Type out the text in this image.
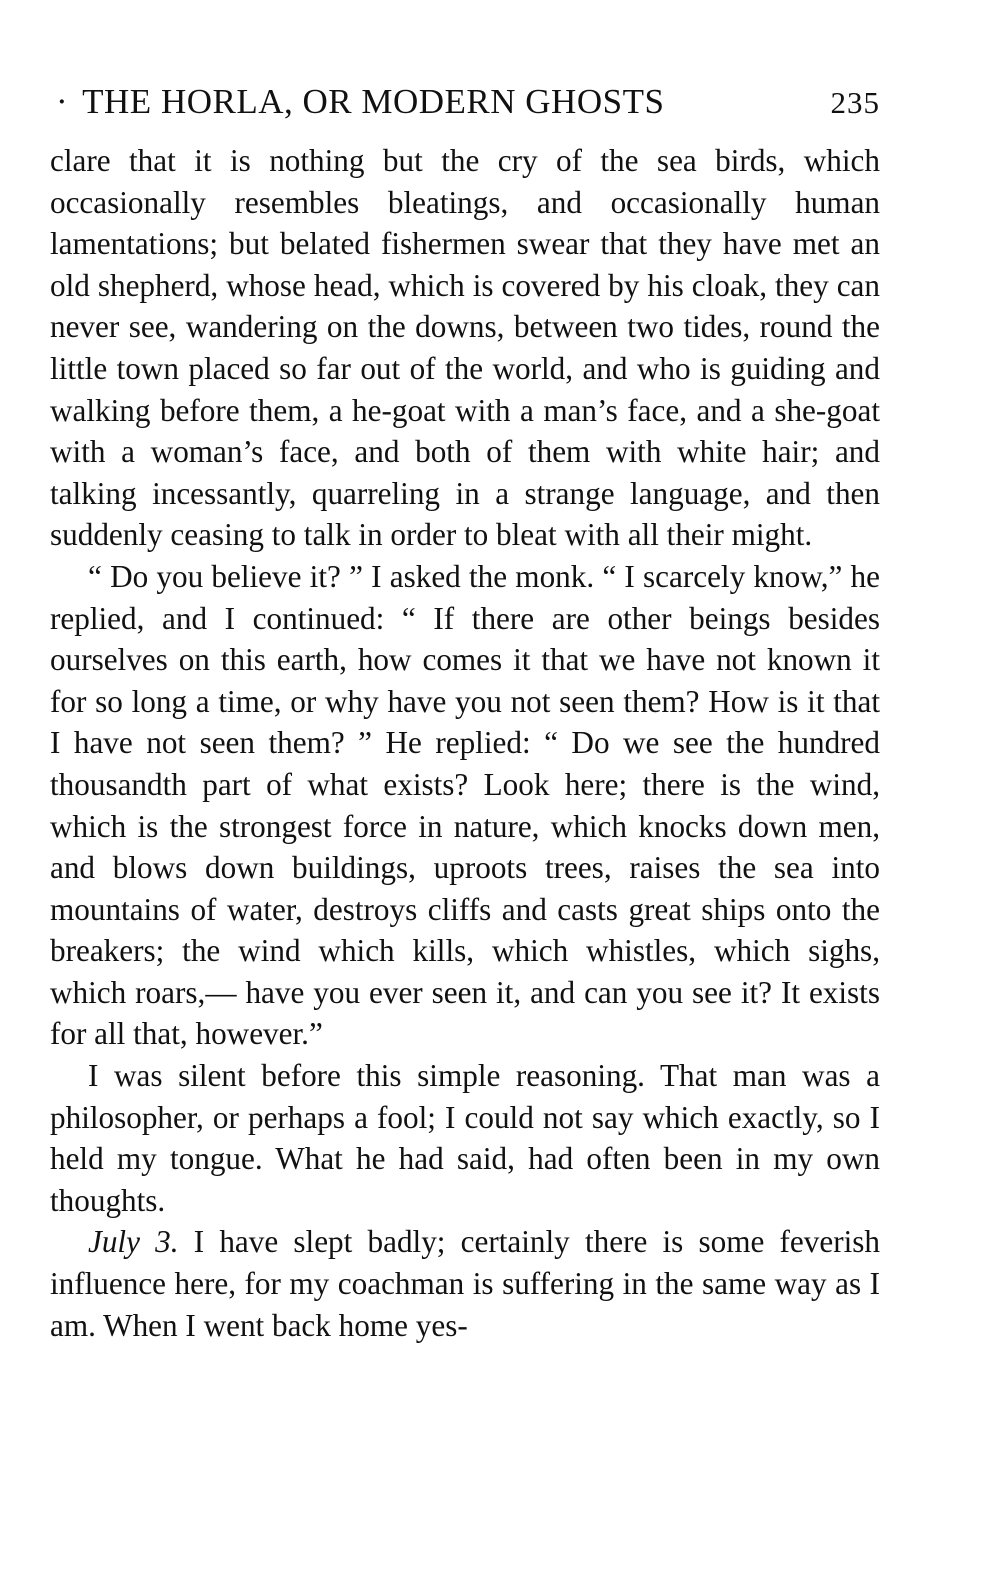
· THE HORLA, OR MODERN GHOSTS	235

clare that it is nothing but the cry of the sea birds, which occasionally resembles bleatings, and occasionally human lamentations; but belated fishermen swear that they have met an old shepherd, whose head, which is covered by his cloak, they can never see, wandering on the downs, between two tides, round the little town placed so far out of the world, and who is guiding and walking before them, a he-goat with a man’s face, and a she-goat with a woman’s face, and both of them with white hair; and talking incessantly, quarreling in a strange language, and then suddenly ceasing to talk in order to bleat with all their might.

“ Do you believe it? ” I asked the monk. “ I scarcely know,” he replied, and I continued: “ If there are other beings besides ourselves on this earth, how comes it that we have not known it for so long a time, or why have you not seen them? How is it that I have not seen them? ” He replied: “ Do we see the hundred thousandth part of what exists? Look here; there is the wind, which is the strongest force in nature, which knocks down men, and blows down buildings, uproots trees, raises the sea into mountains of water, destroys cliffs and casts great ships onto the breakers; the wind which kills, which whistles, which sighs, which roars,— have you ever seen it, and can you see it? It exists for all that, however.”

I was silent before this simple reasoning. That man was a philosopher, or perhaps a fool; I could not say which exactly, so I held my tongue. What he had said, had often been in my own thoughts.

July 3. I have slept badly; certainly there is some feverish influence here, for my coachman is suffering in the same way as I am. When I went back home yes-
